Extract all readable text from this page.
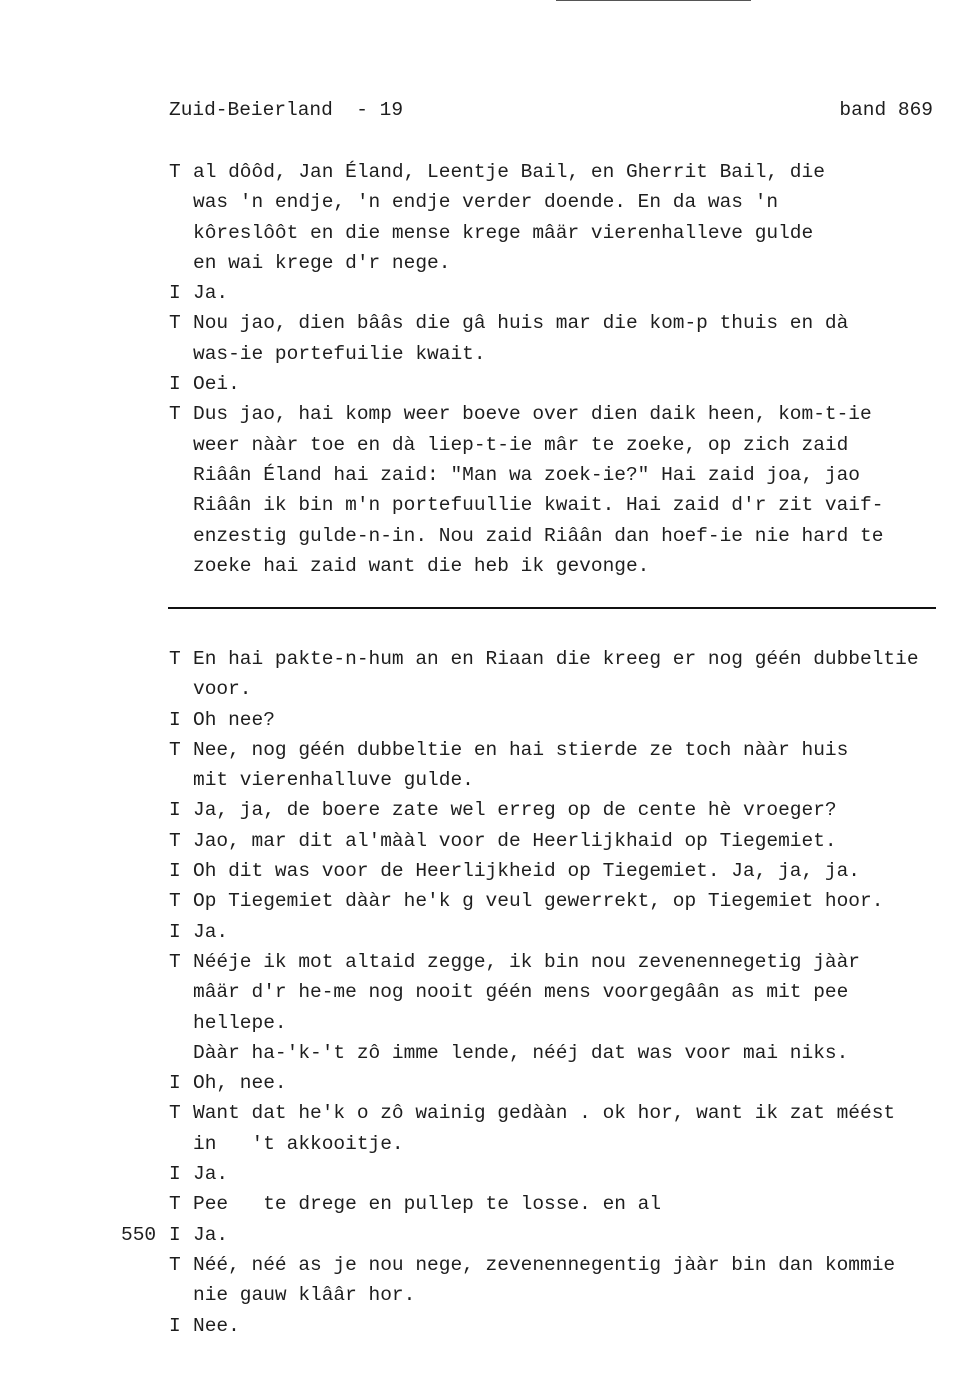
Zuid-Beierland  - 19	band 869
T al dôôd, Jan Éland, Leentje Bail, en Gherrit Bail, die
was 'n endje, 'n endje verder doende. En da was 'n
kôreslôôt en die mense krege mâär vierenhalleve gulde
en wai krege d'r nege.
I Ja.
T Nou jao, dien bââs die gâ huis mar die kom-p thuis en dà
was-ie portefuilie kwait.
I Oei.
T Dus jao, hai komp weer boeve over dien daik heen, kom-t-ie
weer nààr toe en dà liep-t-ie mâr te zoeke, op zich zaid
Riâân Éland hai zaid: "Man wa zoek-ie?" Hai zaid joa, jao
Riâân ik bin m'n portefuullie kwait. Hai zaid d'r zit vaif-
enzestig gulde-n-in. Nou zaid Riâân dan hoef-ie nie hard te
zoeke hai zaid want die heb ik gevonge.
T En hai pakte-n-hum an en Riaan die kreeg er nog géén dubbeltie
voor.
I Oh nee?
T Nee, nog géén dubbeltie en hai stierde ze toch nààr huis
mit vierenhalluve gulde.
I Ja, ja, de boere zate wel erreg op de cente hè vroeger?
T Jao, mar dit al'mààl voor de Heerlijkhaid op Tiegemiet.
I Oh dit was voor de Heerlijkheid op Tiegemiet. Ja, ja, ja.
T Op Tiegemiet dààr he'k g veul gewerrekt, op Tiegemiet hoor.
I Ja.
T Nééje ik mot altaid zegge, ik bin nou zevenennegetig jààr
mâär d'r he-me nog nooit géén mens voorgegâân as mit pee
hellepe.
Dààr ha-'k-'t zô imme lende, nééj dat was voor mai niks.
I Oh, nee.
T Want dat he'k o zô wainig gedààn . ok hor, want ik zat méést
in   't akkooitje.
I Ja.
T Pee   te drege en pullep te losse. en al
550 I Ja.
T Néé, néé as je nou nege, zevenennegentig jààr bin dan kommie
nie gauw klââr hor.
I Nee.
